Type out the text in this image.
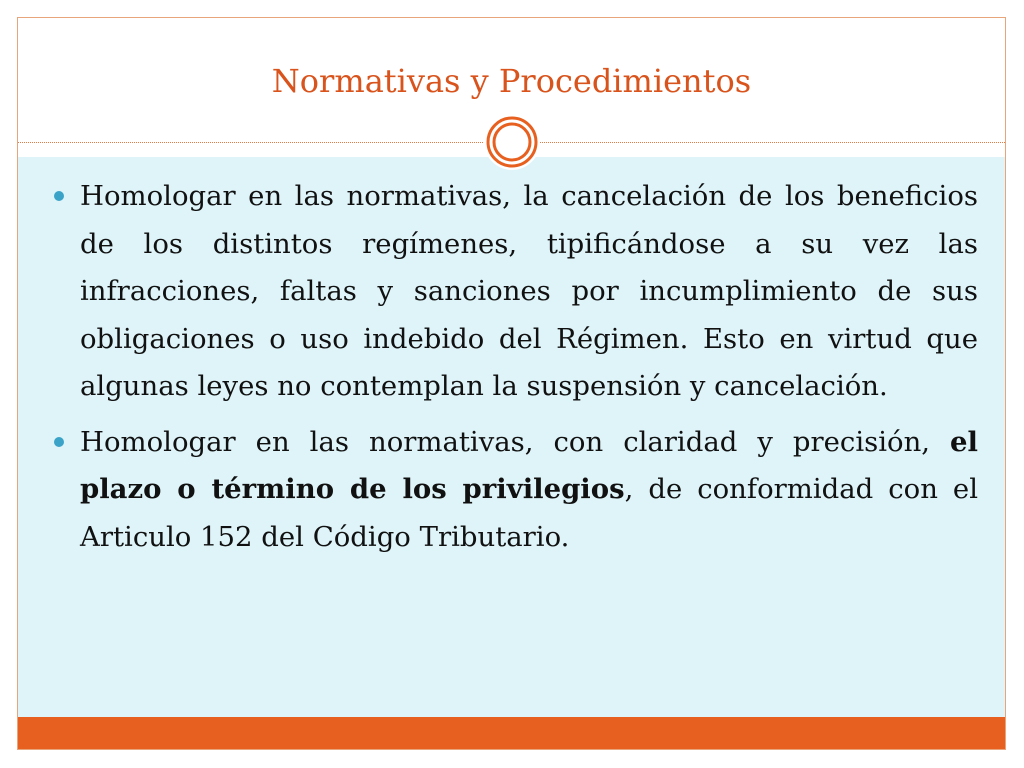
Normativas y Procedimientos
Homologar en las normativas, la cancelación de los beneficios de los distintos regímenes, tipificándose a su vez las infracciones, faltas y sanciones por incumplimiento de sus obligaciones o uso indebido del Régimen. Esto en virtud que algunas leyes no contemplan la suspensión y cancelación.
Homologar en las normativas, con claridad y precisión, el plazo o término de los privilegios, de conformidad con el Articulo 152 del Código Tributario.
